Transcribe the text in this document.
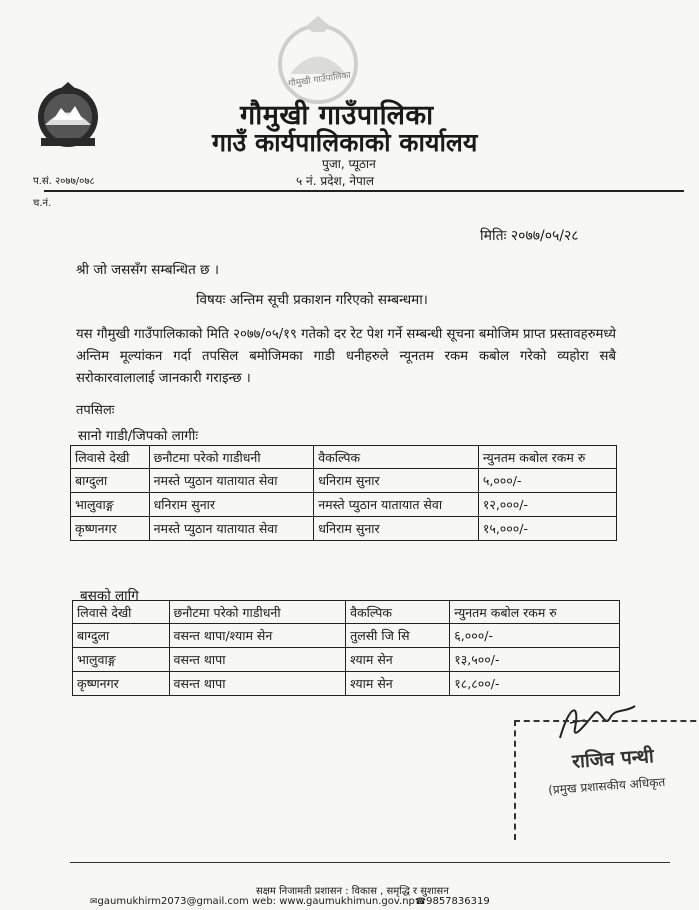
गौमुखी गाउँपालिका
गौमुखी गाउँपालिका
गाउँ कार्यपालिकाको कार्यालय
पुजा, प्यूठान
५ नं. प्रदेश, नेपाल
प.सं. २०७७/०७८
च.नं.
मितिः २०७७/०५/२८
श्री जो जससँग सम्बन्धित छ ।
विषयः अन्तिम सूची प्रकाशन गरिएको सम्बन्धमा।
यस गौमुखी गाउँपालिकाको मिति २०७७/०५/१९ गतेको दर रेट पेश गर्ने सम्बन्धी सूचना बमोजिम प्राप्त प्रस्तावहरुमध्ये अन्तिम मूल्यांकन गर्दा तपसिल बमोजिमका गाडी धनीहरुले न्यूनतम रकम कबोल गरेको व्यहोरा सबै सरोकारवालालाई जानकारी गराइन्छ ।
तपसिलः
सानो गाडी/जिपको लागीः
लिवासे देखी	छनौटमा परेको गाडीधनी	वैकल्पिक	न्युनतम कबोल रकम रु
बाग्दुला	नमस्ते प्युठान यातायात सेवा	धनिराम सुनार	५,०००/-
भालुवाङ्ग	धनिराम सुनार	नमस्ते प्युठान यातायात सेवा	१२,०००/-
कृष्णनगर	नमस्ते प्युठान यातायात सेवा	धनिराम सुनार	१५,०००/-
बसको लागि
लिवासे देखी	छनौटमा परेको गाडीधनी	वैकल्पिक	न्युनतम कबोल रकम रु
बाग्दुला	वसन्त थापा/श्याम सेन	तुलसी जि सि	६,०००/-
भालुवाङ्ग	वसन्त थापा	श्याम सेन	१३,५००/-
कृष्णनगर	वसन्त थापा	श्याम सेन	१८,८००/-
राजिव पन्थी
(प्रमुख प्रशासकीय अधिकृत
सक्षम निजामती प्रशासन : विकास , समृद्धि र सुशासन
✉gaumukhirm2073@gmail.com web: www.gaumukhimun.gov.np☎9857836319
